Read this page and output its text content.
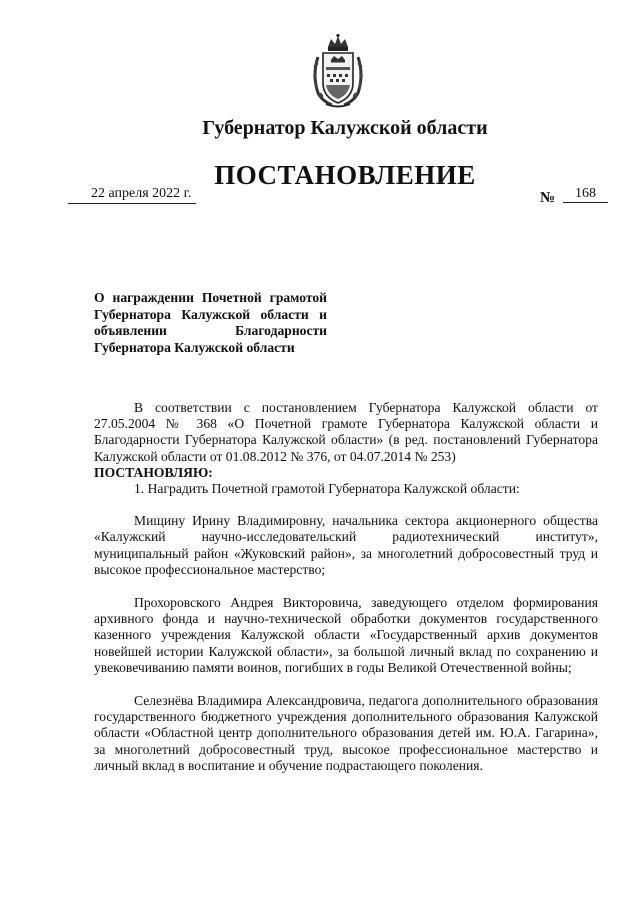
Губернатор Калужской области
ПОСТАНОВЛЕНИЕ
22 апреля 2022 г.	№	168
О награждении Почетной грамотой Губернатора Калужской области и объявлении Благодарности Губернатора Калужской области

В соответствии с постановлением Губернатора Калужской области от 27.05.2004 № 368 «О Почетной грамоте Губернатора Калужской области и Благодарности Губернатора Калужской области» (в ред. постановлений Губернатора Калужской области от 01.08.2012 № 376, от 04.07.2014 № 253)

ПОСТАНОВЛЯЮ:

1. Наградить Почетной грамотой Губернатора Калужской области:

Мищину Ирину Владимировну, начальника сектора акционерного общества «Калужский научно-исследовательский радиотехнический институт», муниципальный район «Жуковский район», за многолетний добросовестный труд и высокое профессиональное мастерство;

Прохоровского Андрея Викторовича, заведующего отделом формирования архивного фонда и научно-технической обработки документов государственного казенного учреждения Калужской области «Государственный архив документов новейшей истории Калужской области», за большой личный вклад по сохранению и увековечиванию памяти воинов, погибших в годы Великой Отечественной войны;

Селезнёва Владимира Александровича, педагога дополнительного образования государственного бюджетного учреждения дополнительного образования Калужской области «Областной центр дополнительного образования детей им. Ю.А. Гагарина», за многолетний добросовестный труд, высокое профессиональное мастерство и личный вклад в воспитание и обучение подрастающего поколения.
